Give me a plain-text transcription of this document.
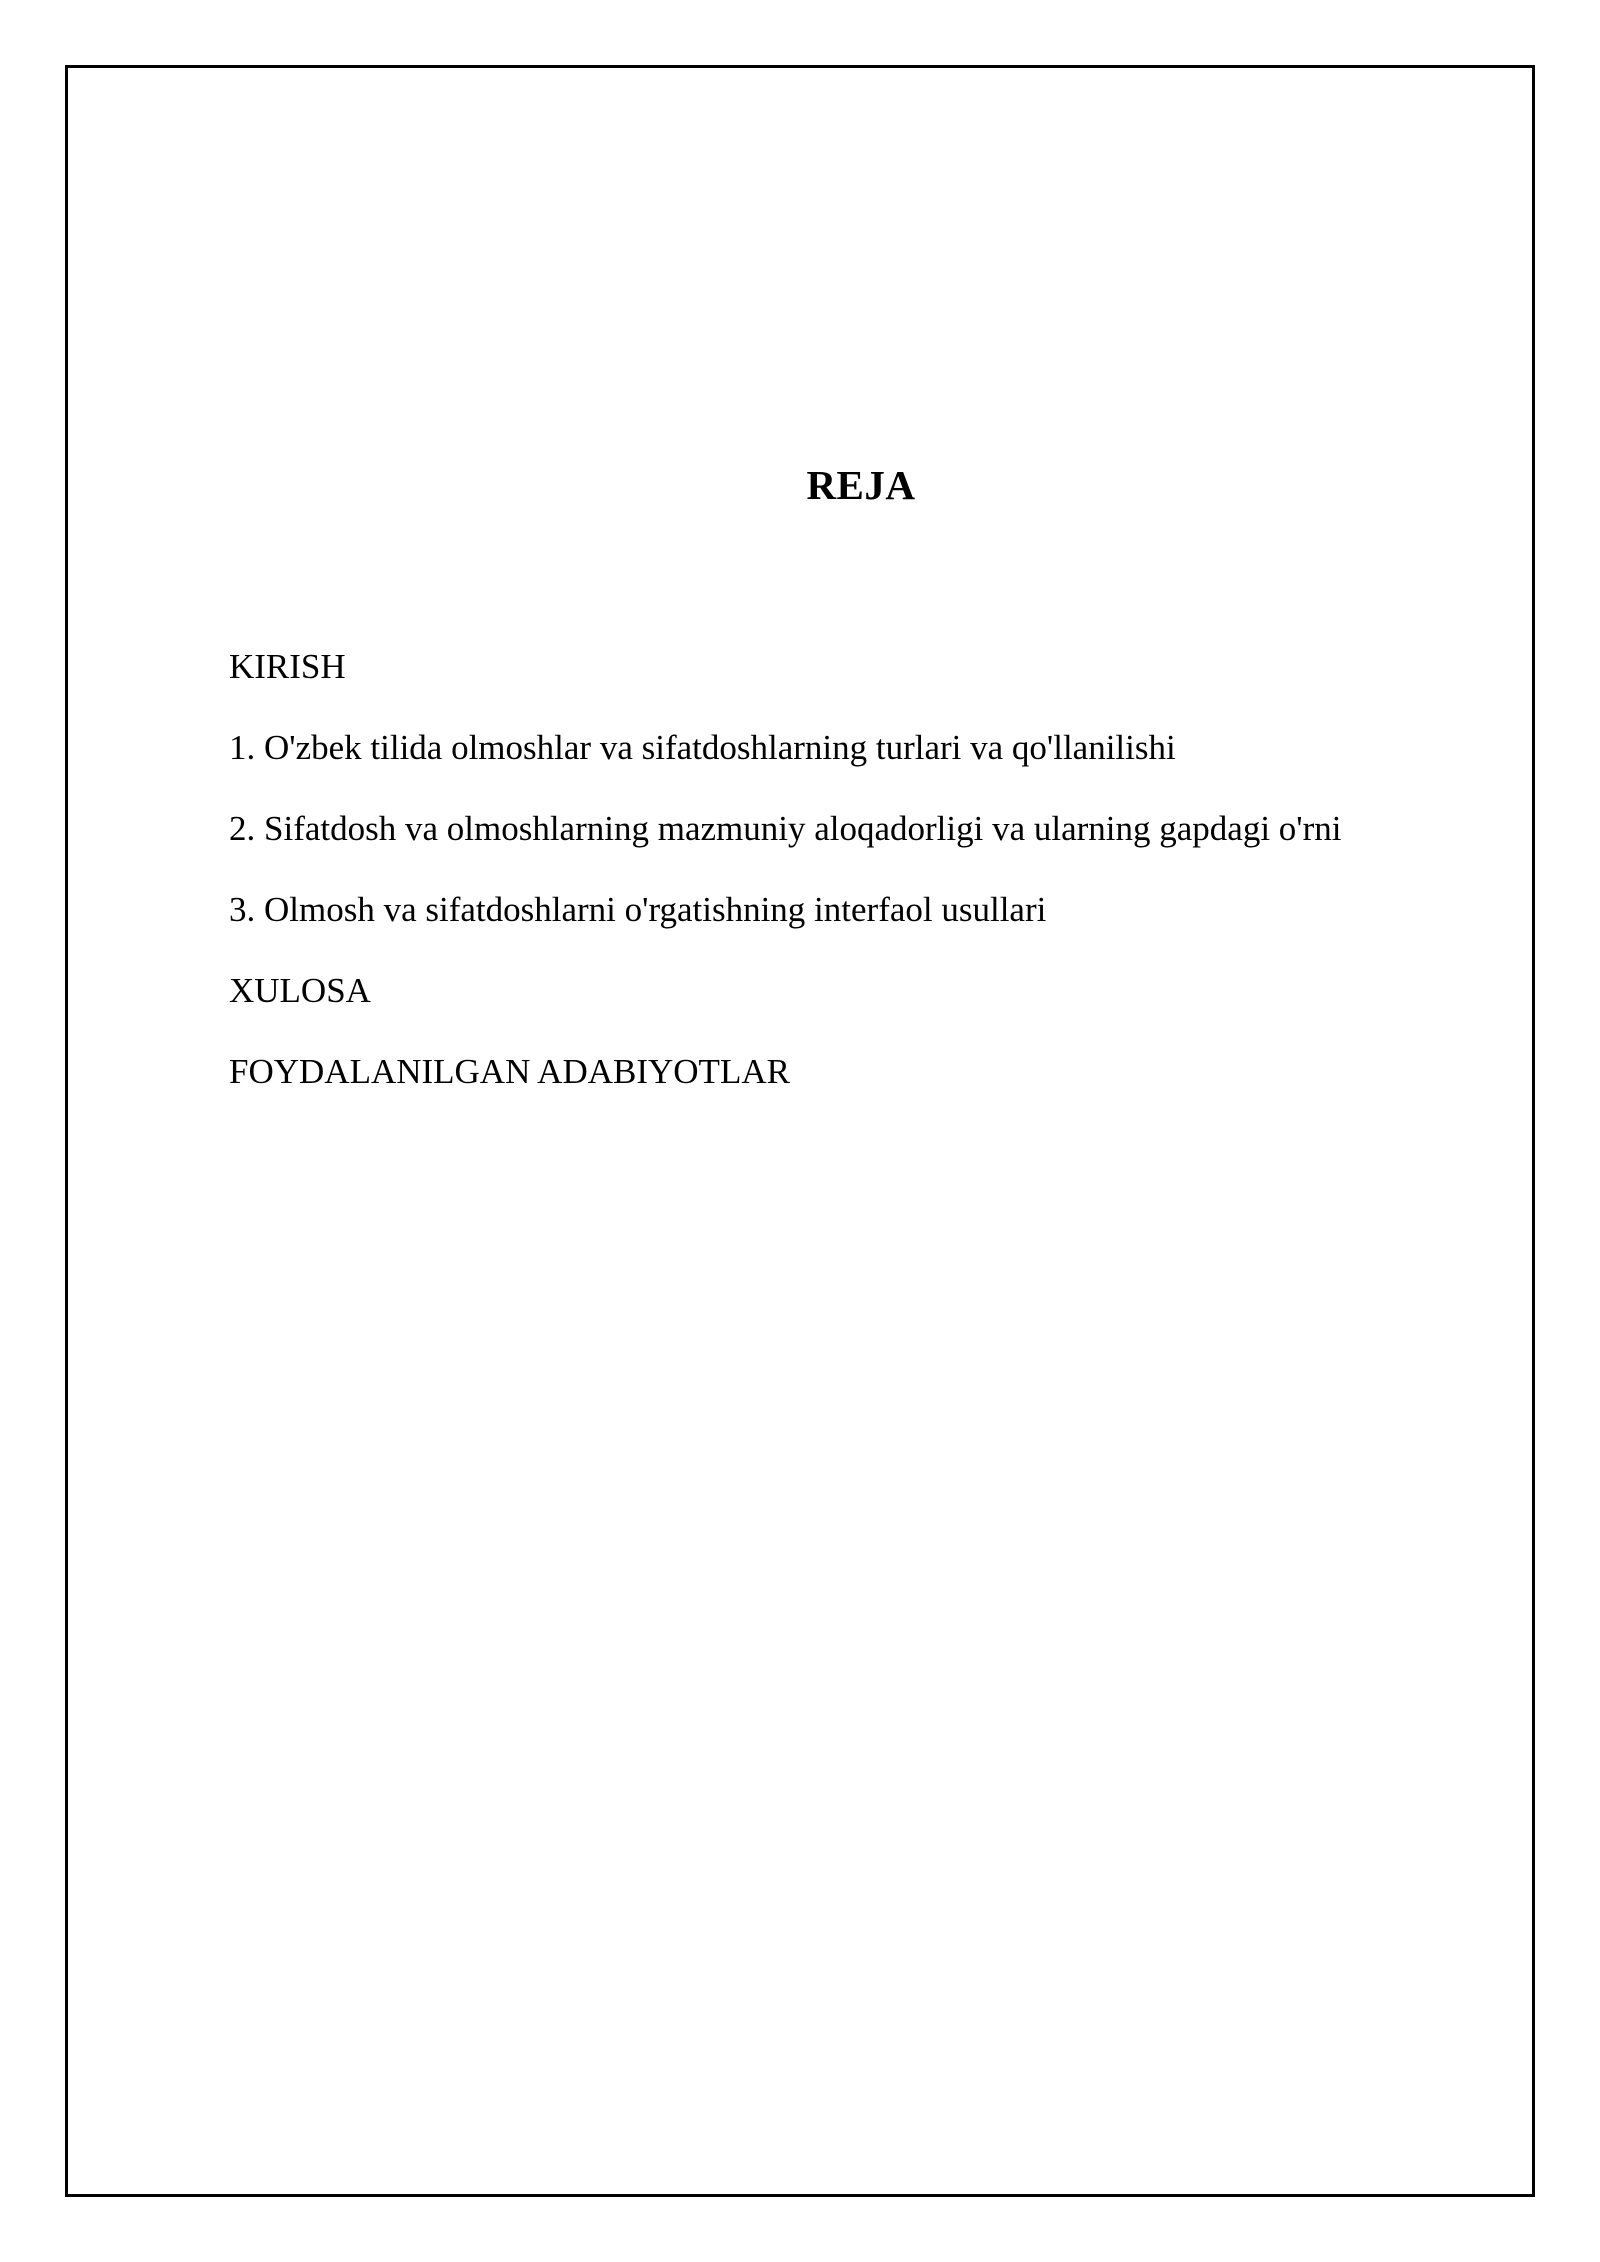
REJA
KIRISH
1. O'zbek tilida olmoshlar va sifatdoshlarning turlari va qo'llanilishi
2. Sifatdosh va olmoshlarning mazmuniy aloqadorligi va ularning gapdagi o'rni
3. Olmosh va sifatdoshlarni o'rgatishning interfaol usullari
XULOSA
FOYDALANILGAN ADABIYOTLAR
